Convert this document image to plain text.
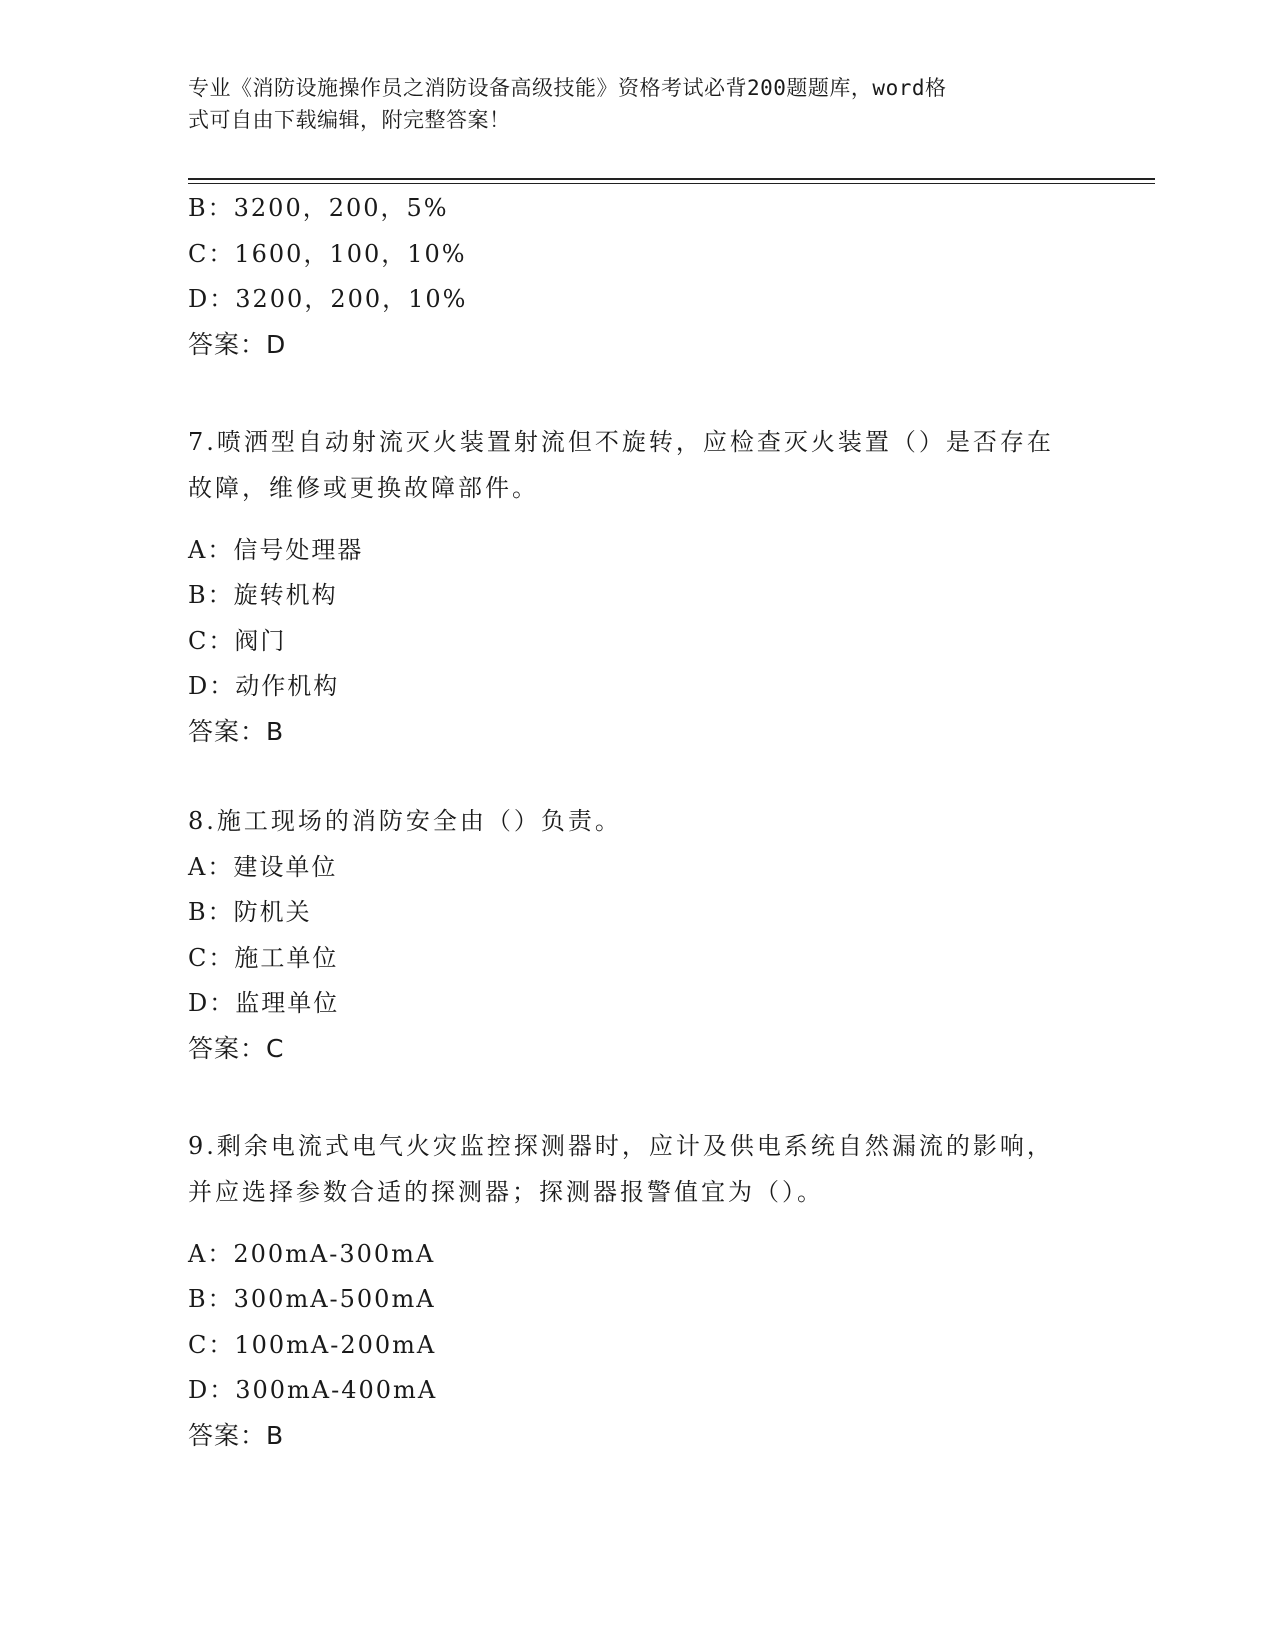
专业《消防设施操作员之消防设备高级技能》资格考试必背200题题库，word格
式可自由下载编辑，附完整答案！
B：3200，200，5%
C：1600，100，10%
D：3200，200，10%
答案：D
7.喷洒型自动射流灭火装置射流但不旋转，应检查灭火装置（）是否存在故障，维修或更换故障部件。
A：信号处理器
B：旋转机构
C：阀门
D：动作机构
答案：B
8.施工现场的消防安全由（）负责。
A：建设单位
B：防机关
C：施工单位
D：监理单位
答案：C
9.剩余电流式电气火灾监控探测器时，应计及供电系统自然漏流的影响，并应选择参数合适的探测器；探测器报警值宜为（）。
A：200mA-300mA
B：300mA-500mA
C：100mA-200mA
D：300mA-400mA
答案：B
